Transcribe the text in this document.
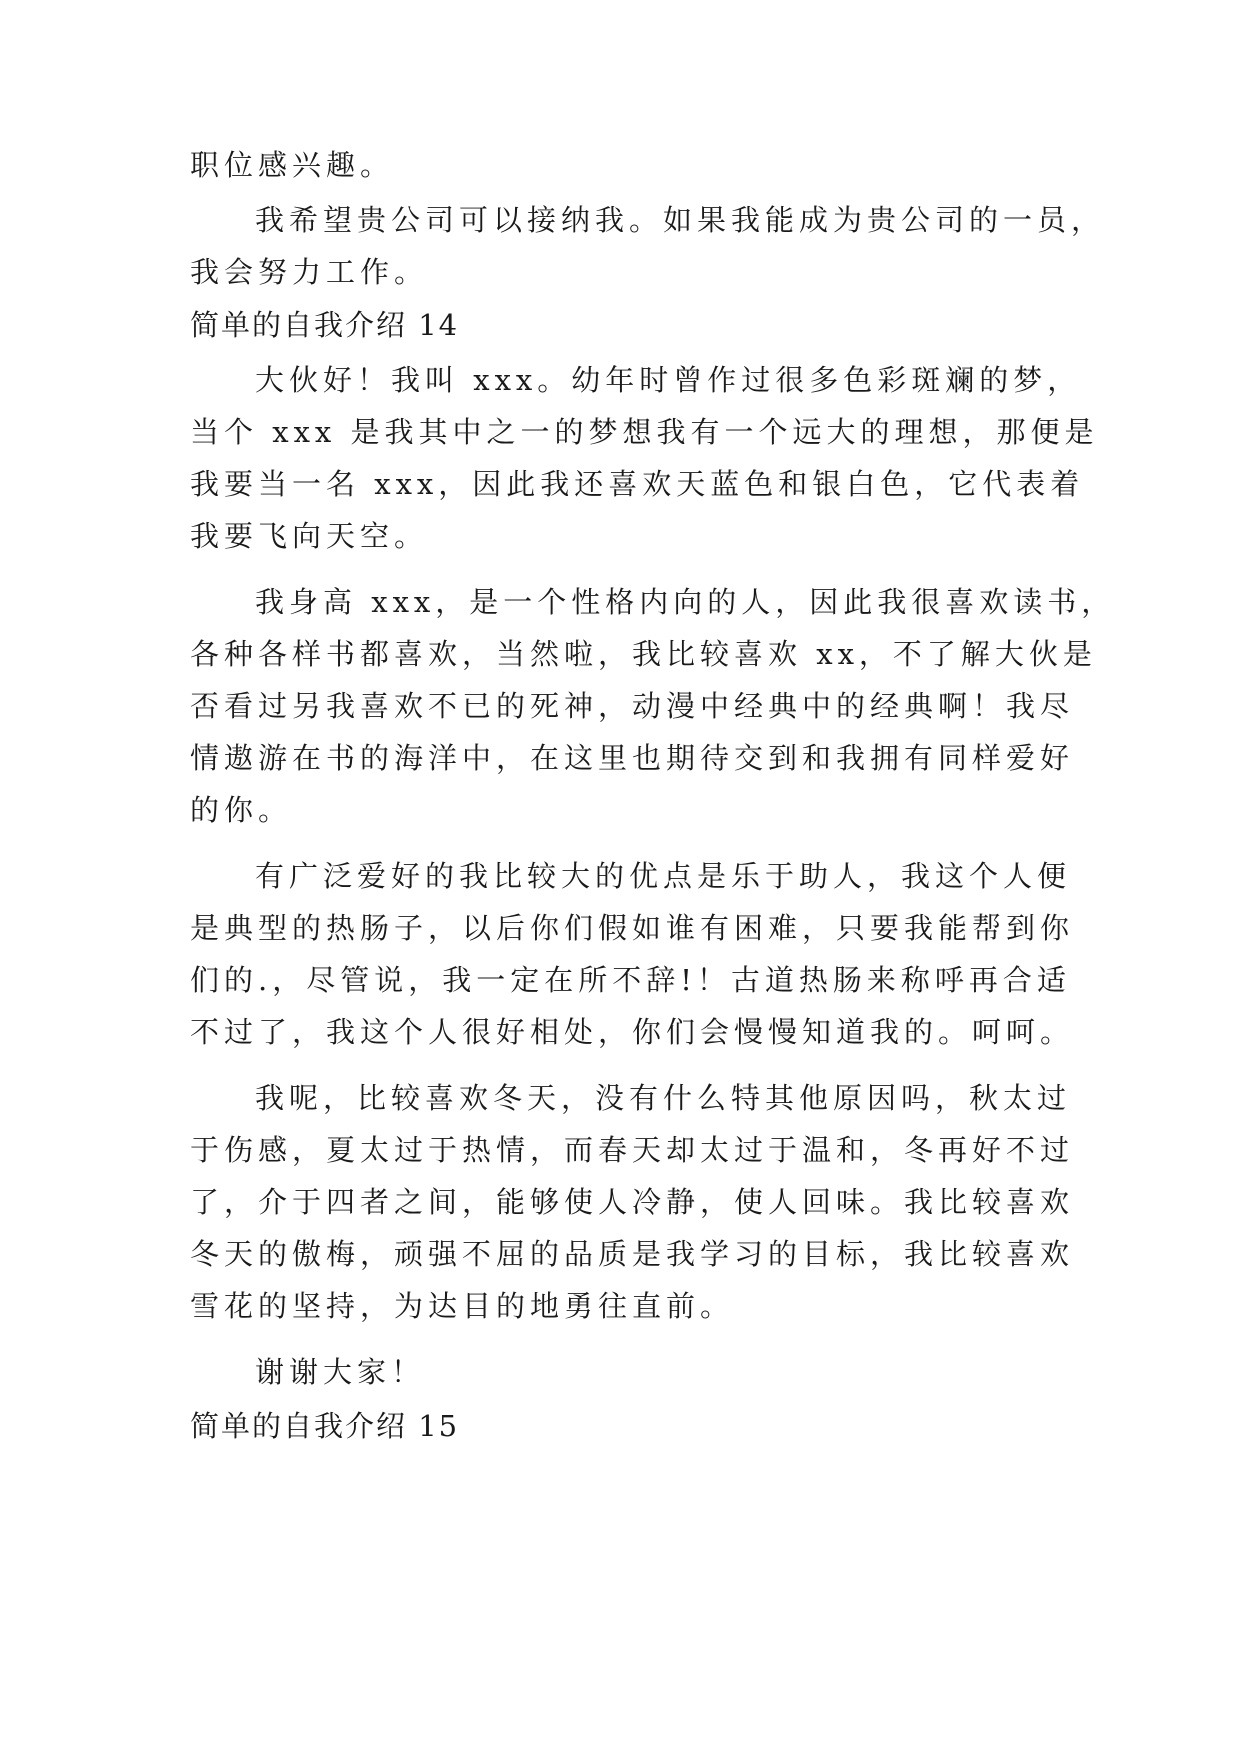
职位感兴趣。
我希望贵公司可以接纳我。如果我能成为贵公司的一员，
我会努力工作。
简单的自我介绍 14
大伙好！我叫 xxx。幼年时曾作过很多色彩斑斓的梦，
当个 xxx 是我其中之一的梦想我有一个远大的理想，那便是
我要当一名 xxx，因此我还喜欢天蓝色和银白色，它代表着
我要飞向天空。
我身高 xxx，是一个性格内向的人，因此我很喜欢读书，
各种各样书都喜欢，当然啦，我比较喜欢 xx，不了解大伙是
否看过另我喜欢不已的死神，动漫中经典中的经典啊！我尽
情遨游在书的海洋中，在这里也期待交到和我拥有同样爱好
的你。
有广泛爱好的我比较大的优点是乐于助人，我这个人便
是典型的热肠子，以后你们假如谁有困难，只要我能帮到你
们的.，尽管说，我一定在所不辞!！古道热肠来称呼再合适
不过了，我这个人很好相处，你们会慢慢知道我的。呵呵。
我呢，比较喜欢冬天，没有什么特其他原因吗，秋太过
于伤感，夏太过于热情，而春天却太过于温和，冬再好不过
了，介于四者之间，能够使人冷静，使人回味。我比较喜欢
冬天的傲梅，顽强不屈的品质是我学习的目标，我比较喜欢
雪花的坚持，为达目的地勇往直前。
谢谢大家！
简单的自我介绍 15
